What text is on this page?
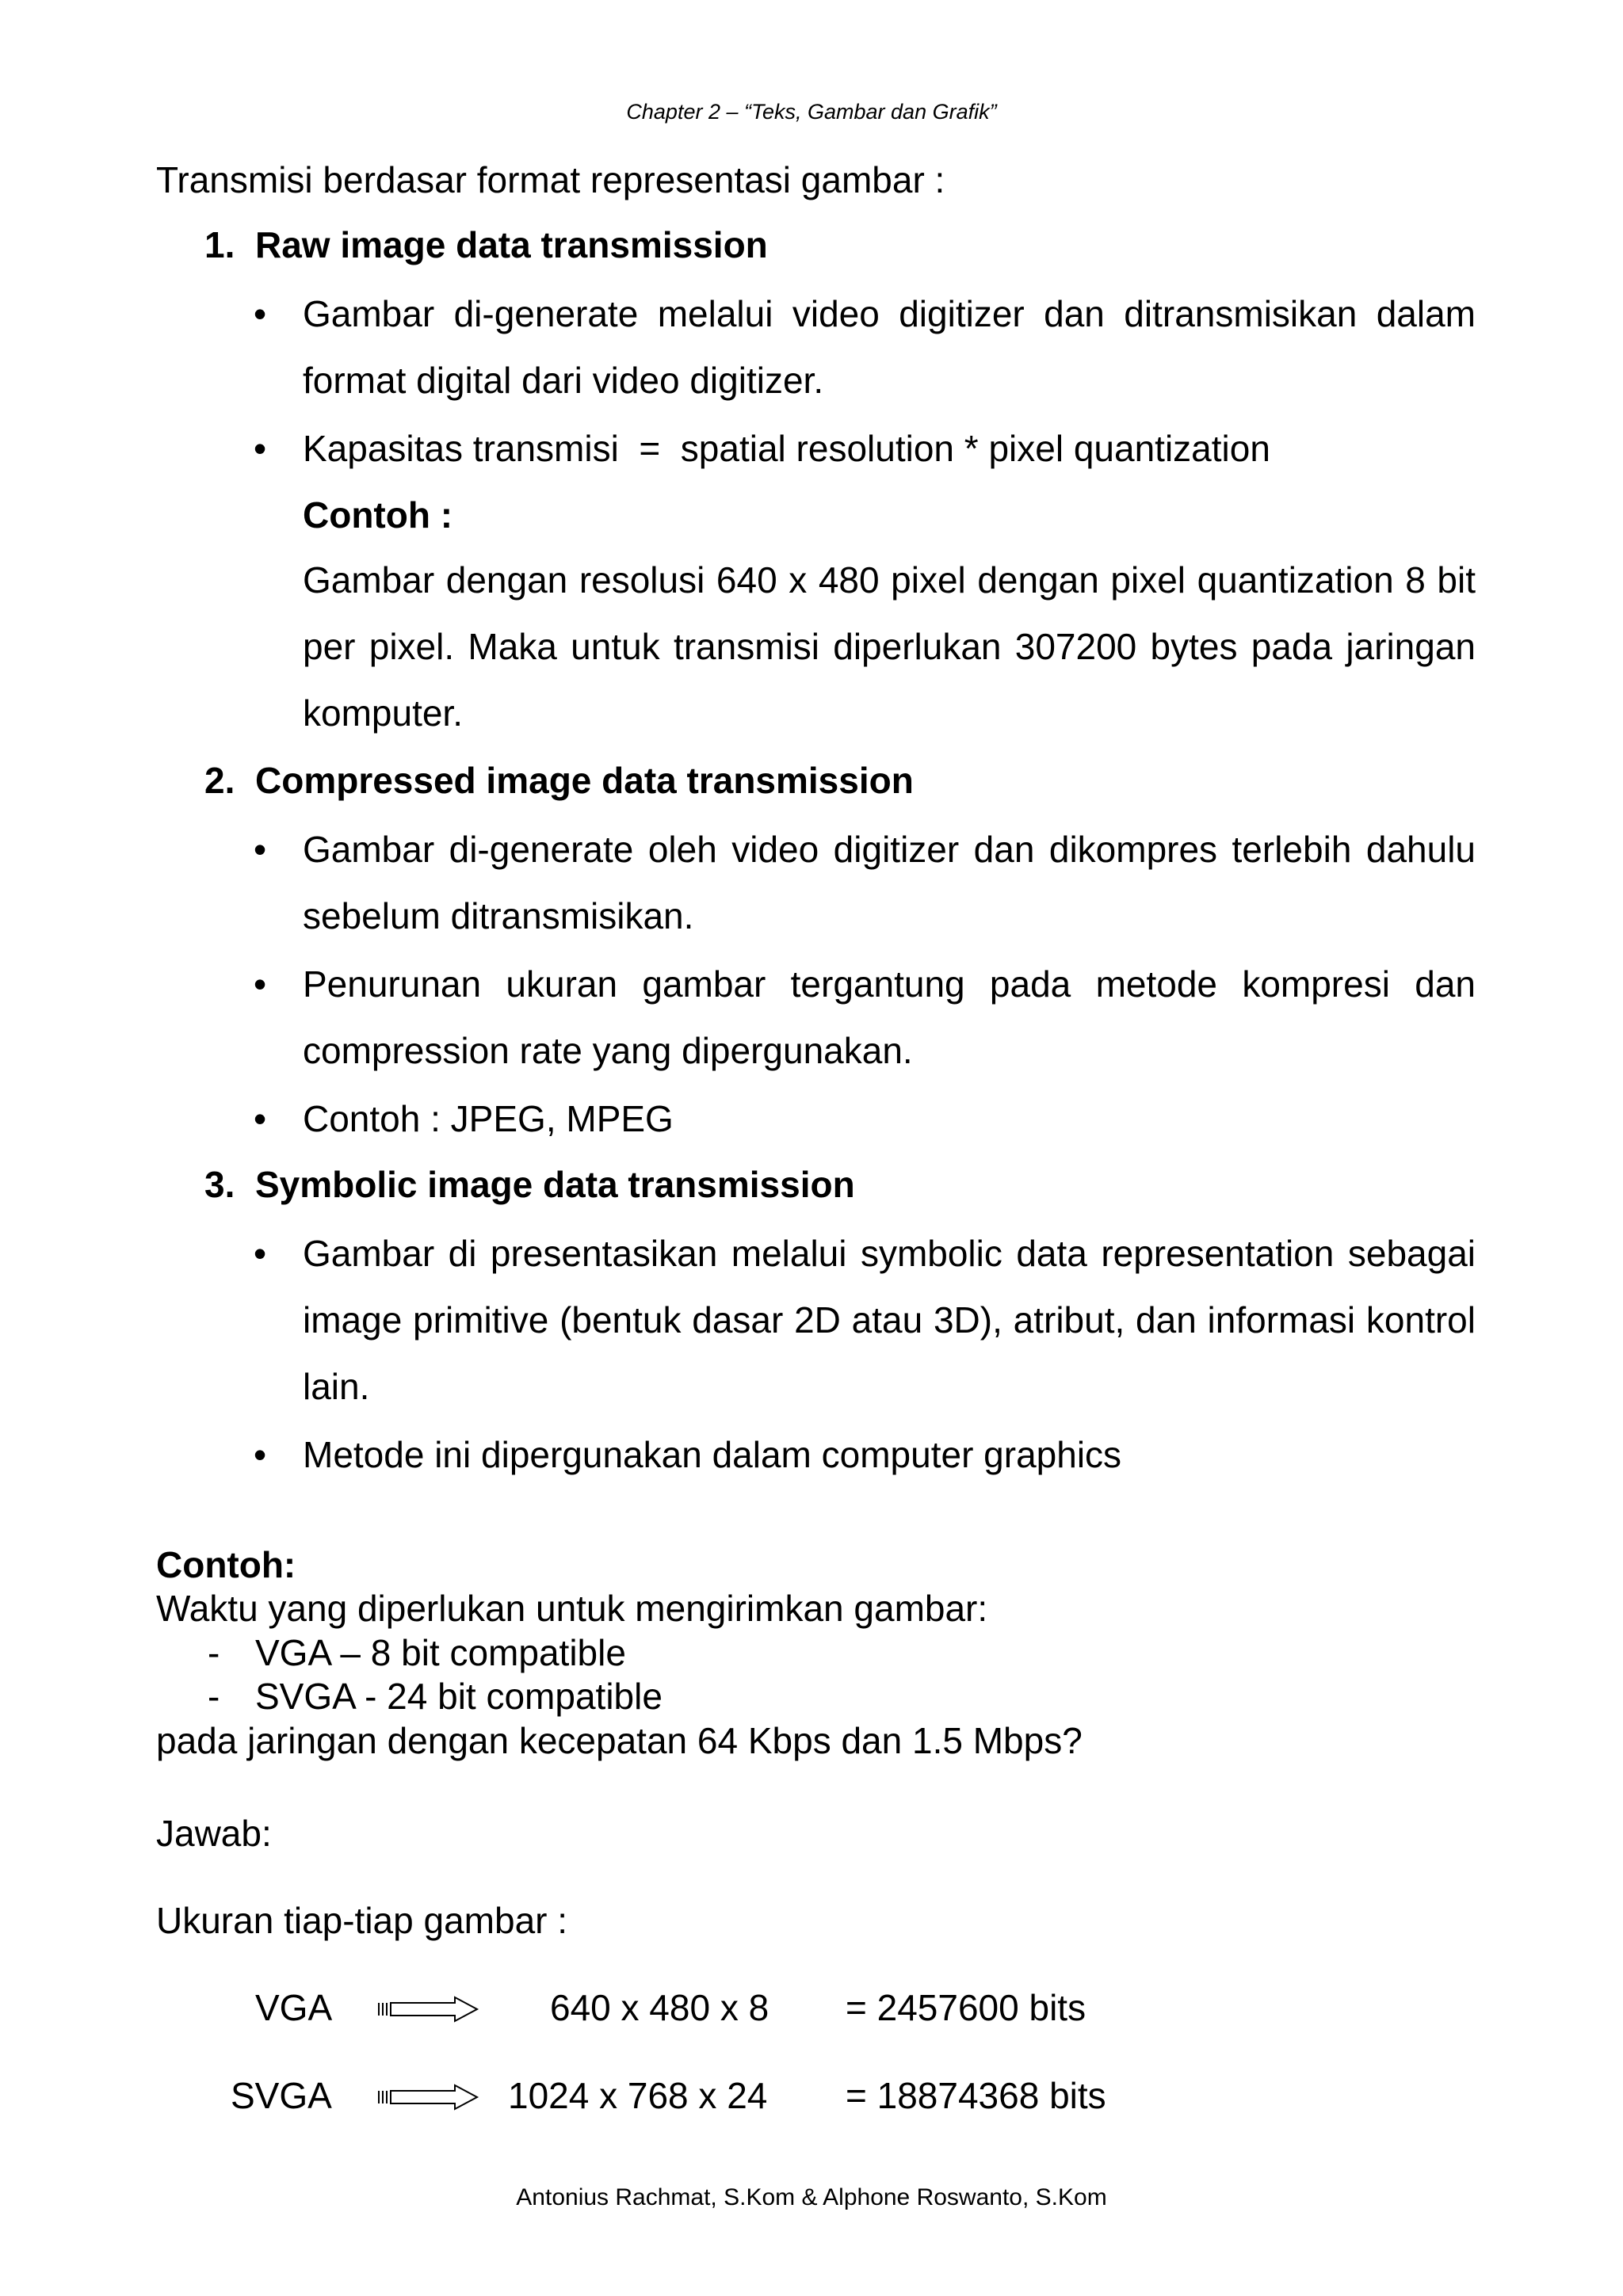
Chapter 2 – “Teks, Gambar dan Grafik”
Transmisi berdasar format representasi gambar :
1. Raw image data transmission
• Gambar di-generate melalui video digitizer dan ditransmisikan dalam format digital dari video digitizer.
• Kapasitas transmisi  =  spatial resolution * pixel quantization
Contoh :
Gambar dengan resolusi 640 x 480 pixel dengan pixel quantization 8 bit per pixel. Maka untuk transmisi diperlukan 307200 bytes pada jaringan komputer.
2. Compressed image data transmission
• Gambar di-generate oleh video digitizer dan dikompres terlebih dahulu sebelum ditransmisikan.
• Penurunan ukuran gambar tergantung pada metode kompresi dan compression rate yang dipergunakan.
• Contoh : JPEG, MPEG
3. Symbolic image data transmission
• Gambar di presentasikan melalui symbolic data representation sebagai image primitive (bentuk dasar 2D atau 3D), atribut, dan informasi kontrol lain.
• Metode ini dipergunakan dalam computer graphics
Contoh:
Waktu yang diperlukan untuk mengirimkan gambar:
- VGA – 8 bit compatible
- SVGA - 24 bit compatible
pada jaringan dengan kecepatan 64 Kbps dan 1.5 Mbps?
Jawab:
Ukuran tiap-tiap gambar :
VGA	640 x 480 x 8 = 2457600 bits
SVGA	1024 x 768 x 24 = 18874368 bits
Antonius Rachmat, S.Kom & Alphone Roswanto, S.Kom
